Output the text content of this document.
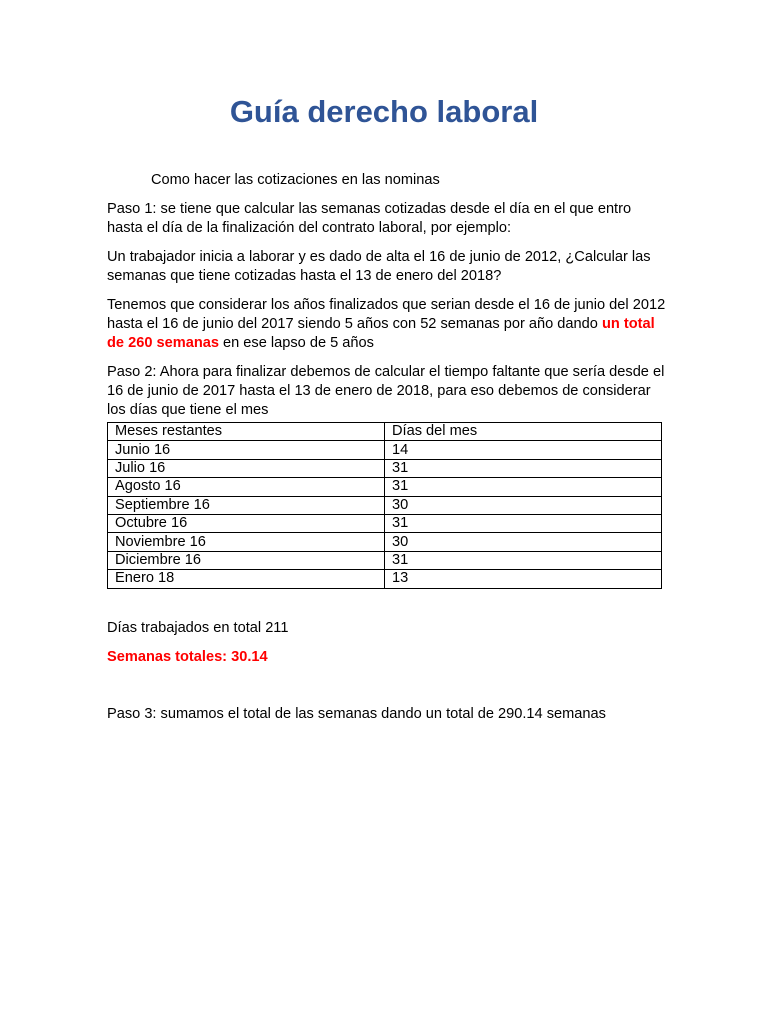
Guía derecho laboral

Como hacer las cotizaciones en las nominas

Paso 1: se tiene que calcular las semanas cotizadas desde el día en el que entro hasta el día de la finalización del contrato laboral, por ejemplo:

Un trabajador inicia a laborar y es dado de alta el 16 de junio de 2012, ¿Calcular las semanas que tiene cotizadas hasta el 13 de enero del 2018?

Tenemos que considerar los años finalizados que serian desde el 16 de junio del 2012 hasta el 16 de junio del 2017 siendo 5 años con 52 semanas por año dando un total de 260 semanas en ese lapso de 5 años

Paso 2: Ahora para finalizar debemos de calcular el tiempo faltante que sería desde el 16 de junio de 2017 hasta el 13 de enero de 2018, para eso debemos de considerar los días que tiene el mes

Meses restantes	Días del mes
Junio 16	14
Julio 16	31
Agosto 16	31
Septiembre 16	30
Octubre 16	31
Noviembre 16	30
Diciembre 16	31
Enero 18	13

Días trabajados en total 211

Semanas totales: 30.14

Paso 3: sumamos el total de las semanas dando un total de 290.14 semanas
